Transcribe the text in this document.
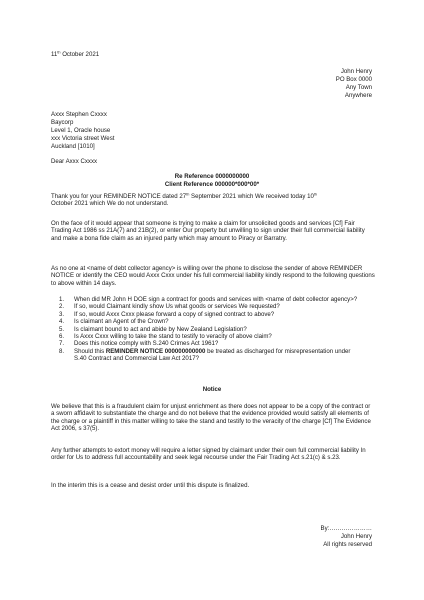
11th October 2021
John Henry
PO Box 0000
Any Town
Anywhere
Axxx Stephen Cxxxx
Baycorp
Level 1, Oracle house
xxx Victoria street West
Auckland [1010]
Dear Axxx Cxxxx
Re Reference 0000000000
Client Reference 000000*000*00*
Thank you for your REMINDER NOTICE dated 27th September 2021 which We received today 10th
October 2021 which We do not understand.
On the face of it would appear that someone is trying to make a claim for unsolicited goods and services [Cf] Fair Trading Act 1986 ss 21A(7) and 21B(2), or enter Our property but unwilling to sign under their full commercial liability and make a bona fide claim as an injured party which may amount to Piracy or Barratry.
As no one at <name of debt collector agency> is willing over the phone to disclose the sender of above REMINDER NOTICE or identify the CEO would Axxx Cxxx under his full commercial liability kindly respond to the following questions to above within 14 days.
1. When did MR John H DOE sign a contract for goods and services with <name of debt collector agency>?
2. If so, would Claimant kindly show Us what goods or services We requested?
3. If so, would Axxx Cxxx please forward a copy of signed contract to above?
4. Is claimant an Agent of the Crown?
5. Is claimant bound to act and abide by New Zealand Legislation?
6. Is Axxx Cxxx willing to take the stand to testify to veracity of above claim?
7. Does this notice comply with S.240 Crimes Act 1961?
8. Should this REMINDER NOTICE 000000000000 be treated as discharged for misrepresentation under S.40 Contract and Commercial Law Act 2017?
Notice
We believe that this is a fraudulent claim for unjust enrichment as there does not appear to be a copy of the contract or a sworn affidavit to substantiate the charge and do not believe that the evidence provided would satisfy all elements of the charge or a plaintiff in this matter willing to take the stand and testify to the veracity of the charge [Cf] The Evidence Act 2006, s 37(5).
Any further attempts to extort money will require a letter signed by claimant under their own full commercial liability In order for Us to address full accountability and seek legal recourse under the Fair Trading Act s.21(c) & s.23.
In the interim this is a cease and desist order until this dispute is finalized.
By:…………………
John Henry
All rights reserved
